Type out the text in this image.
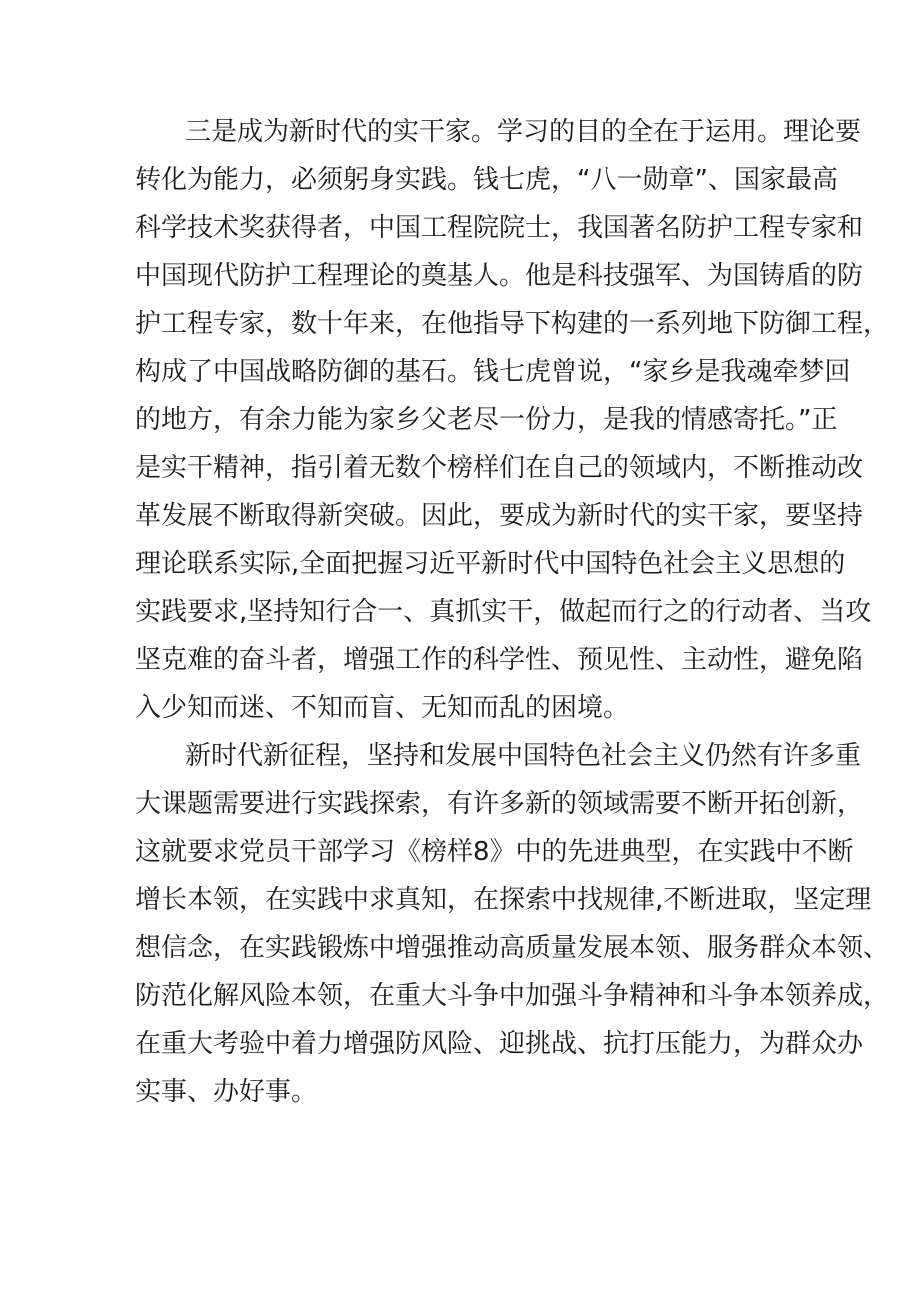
三是成为新时代的实干家。学习的目的全在于运用。理论要
转化为能力，必须躬身实践。钱七虎，“八一勋章”、国家最高
科学技术奖获得者，中国工程院院士，我国著名防护工程专家和
中国现代防护工程理论的奠基人。他是科技强军、为国铸盾的防
护工程专家，数十年来，在他指导下构建的一系列地下防御工程，
构成了中国战略防御的基石。钱七虎曾说，“家乡是我魂牵梦回
的地方，有余力能为家乡父老尽一份力，是我的情感寄托。”正
是实干精神，指引着无数个榜样们在自己的领域内，不断推动改
革发展不断取得新突破。因此，要成为新时代的实干家，要坚持
理论联系实际,全面把握习近平新时代中国特色社会主义思想的
实践要求,坚持知行合一、真抓实干，做起而行之的行动者、当攻
坚克难的奋斗者，增强工作的科学性、预见性、主动性，避免陷
入少知而迷、不知而盲、无知而乱的困境。
新时代新征程，坚持和发展中国特色社会主义仍然有许多重
大课题需要进行实践探索，有许多新的领域需要不断开拓创新，
这就要求党员干部学习《榜样8》中的先进典型，在实践中不断
增长本领，在实践中求真知，在探索中找规律,不断进取，坚定理
想信念，在实践锻炼中增强推动高质量发展本领、服务群众本领、
防范化解风险本领，在重大斗争中加强斗争精神和斗争本领养成，
在重大考验中着力增强防风险、迎挑战、抗打压能力，为群众办
实事、办好事。
